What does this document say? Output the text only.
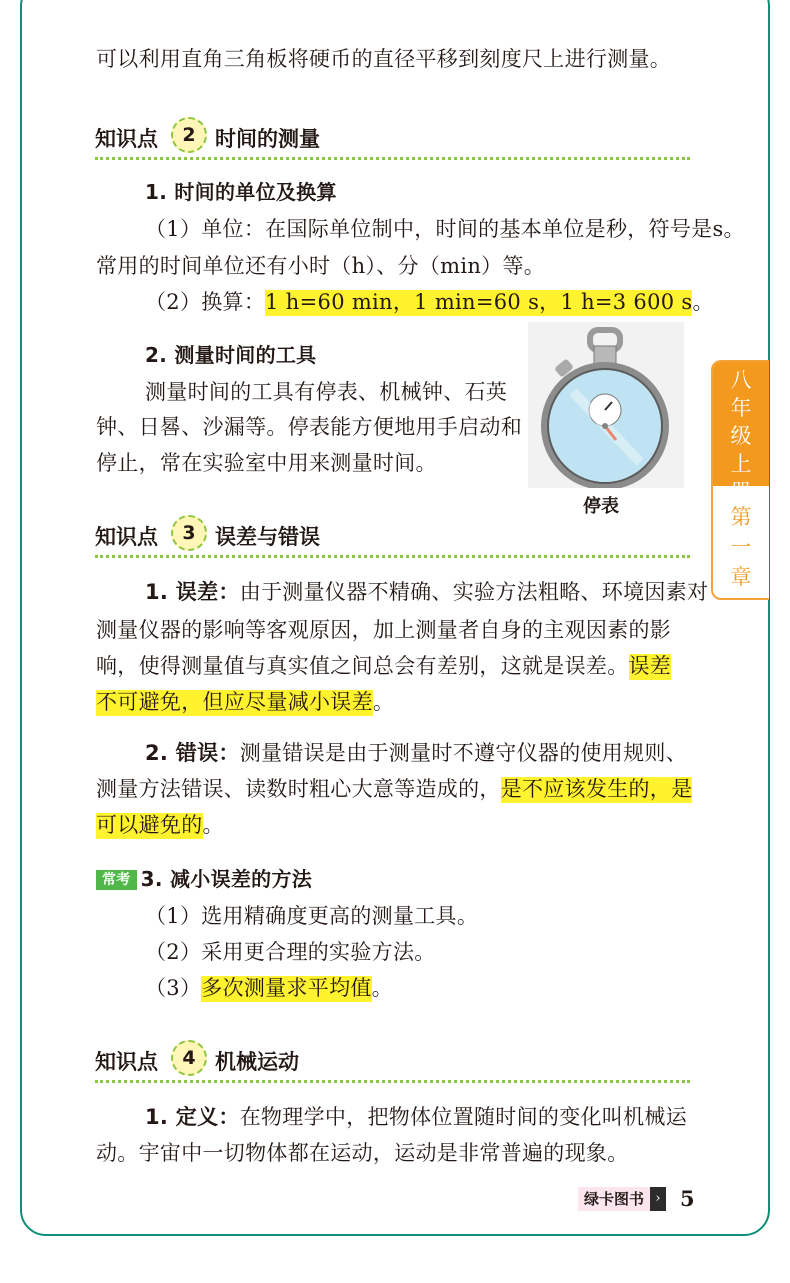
可以利用直角三角板将硬币的直径平移到刻度尺上进行测量。
知识点	2 时间的测量
1. 时间的单位及换算
（1）单位：在国际单位制中，时间的基本单位是秒，符号是s。
常用的时间单位还有小时（h）、分（min）等。
（2）换算：1 h=60 min，1 min=60 s，1 h=3 600 s。
2. 测量时间的工具
测量时间的工具有停表、机械钟、石英
钟、日晷、沙漏等。停表能方便地用手启动和
停止，常在实验室中用来测量时间。
停表
知识点	3 误差与错误
1. 误差：由于测量仪器不精确、实验方法粗略、环境因素对
测量仪器的影响等客观原因，加上测量者自身的主观因素的影
响，使得测量值与真实值之间总会有差别，这就是误差。误差
不可避免，但应尽量减小误差。
2. 错误：测量错误是由于测量时不遵守仪器的使用规则、
测量方法错误、读数时粗心大意等造成的，是不应该发生的，是
可以避免的。
常考 3. 减小误差的方法
（1）选用精确度更高的测量工具。
（2）采用更合理的实验方法。
（3）多次测量求平均值。
知识点	4 机械运动
1. 定义：在物理学中，把物体位置随时间的变化叫机械运
动。宇宙中一切物体都在运动，运动是非常普遍的现象。
八年级上册
第一章
绿卡图书 › 5
